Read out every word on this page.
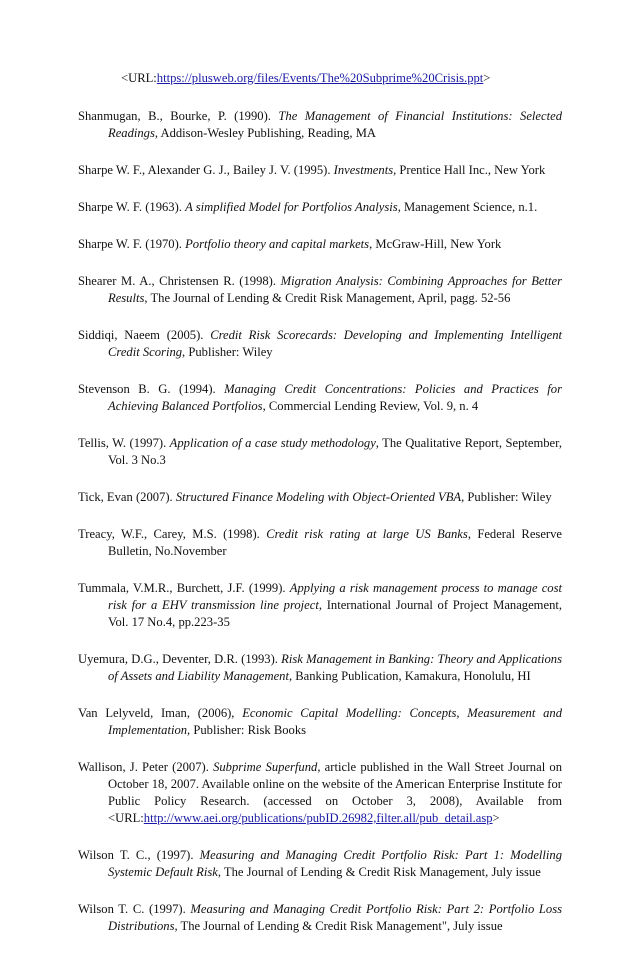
<URL:https://plusweb.org/files/Events/The%20Subprime%20Crisis.ppt>

Shanmugan, B., Bourke, P. (1990). The Management of Financial Institutions: Selected Readings, Addison-Wesley Publishing, Reading, MA

Sharpe W. F., Alexander G. J., Bailey J. V. (1995). Investments, Prentice Hall Inc., New York

Sharpe W. F. (1963). A simplified Model for Portfolios Analysis, Management Science, n.1.

Sharpe W. F. (1970). Portfolio theory and capital markets, McGraw-Hill, New York

Shearer M. A., Christensen R. (1998). Migration Analysis: Combining Approaches for Better Results, The Journal of Lending & Credit Risk Management, April, pagg. 52-56

Siddiqi, Naeem (2005). Credit Risk Scorecards: Developing and Implementing Intelligent Credit Scoring, Publisher: Wiley

Stevenson B. G. (1994). Managing Credit Concentrations: Policies and Practices for Achieving Balanced Portfolios, Commercial Lending Review, Vol. 9, n. 4

Tellis, W. (1997). Application of a case study methodology, The Qualitative Report, September, Vol. 3 No.3

Tick, Evan (2007). Structured Finance Modeling with Object-Oriented VBA, Publisher: Wiley

Treacy, W.F., Carey, M.S. (1998). Credit risk rating at large US Banks, Federal Reserve Bulletin, No.November

Tummala, V.M.R., Burchett, J.F. (1999). Applying a risk management process to manage cost risk for a EHV transmission line project, International Journal of Project Management, Vol. 17 No.4, pp.223-35

Uyemura, D.G., Deventer, D.R. (1993). Risk Management in Banking: Theory and Applications of Assets and Liability Management, Banking Publication, Kamakura, Honolulu, HI

Van Lelyveld, Iman, (2006), Economic Capital Modelling: Concepts, Measurement and Implementation, Publisher: Risk Books

Wallison, J. Peter (2007). Subprime Superfund, article published in the Wall Street Journal on October 18, 2007. Available online on the website of the American Enterprise Institute for Public Policy Research. (accessed on October 3, 2008), Available from <URL:http://www.aei.org/publications/pubID.26982,filter.all/pub_detail.asp>

Wilson T. C., (1997). Measuring and Managing Credit Portfolio Risk: Part 1: Modelling Systemic Default Risk, The Journal of Lending & Credit Risk Management, July issue

Wilson T. C. (1997). Measuring and Managing Credit Portfolio Risk: Part 2: Portfolio Loss Distributions, The Journal of Lending & Credit Risk Management", July issue
